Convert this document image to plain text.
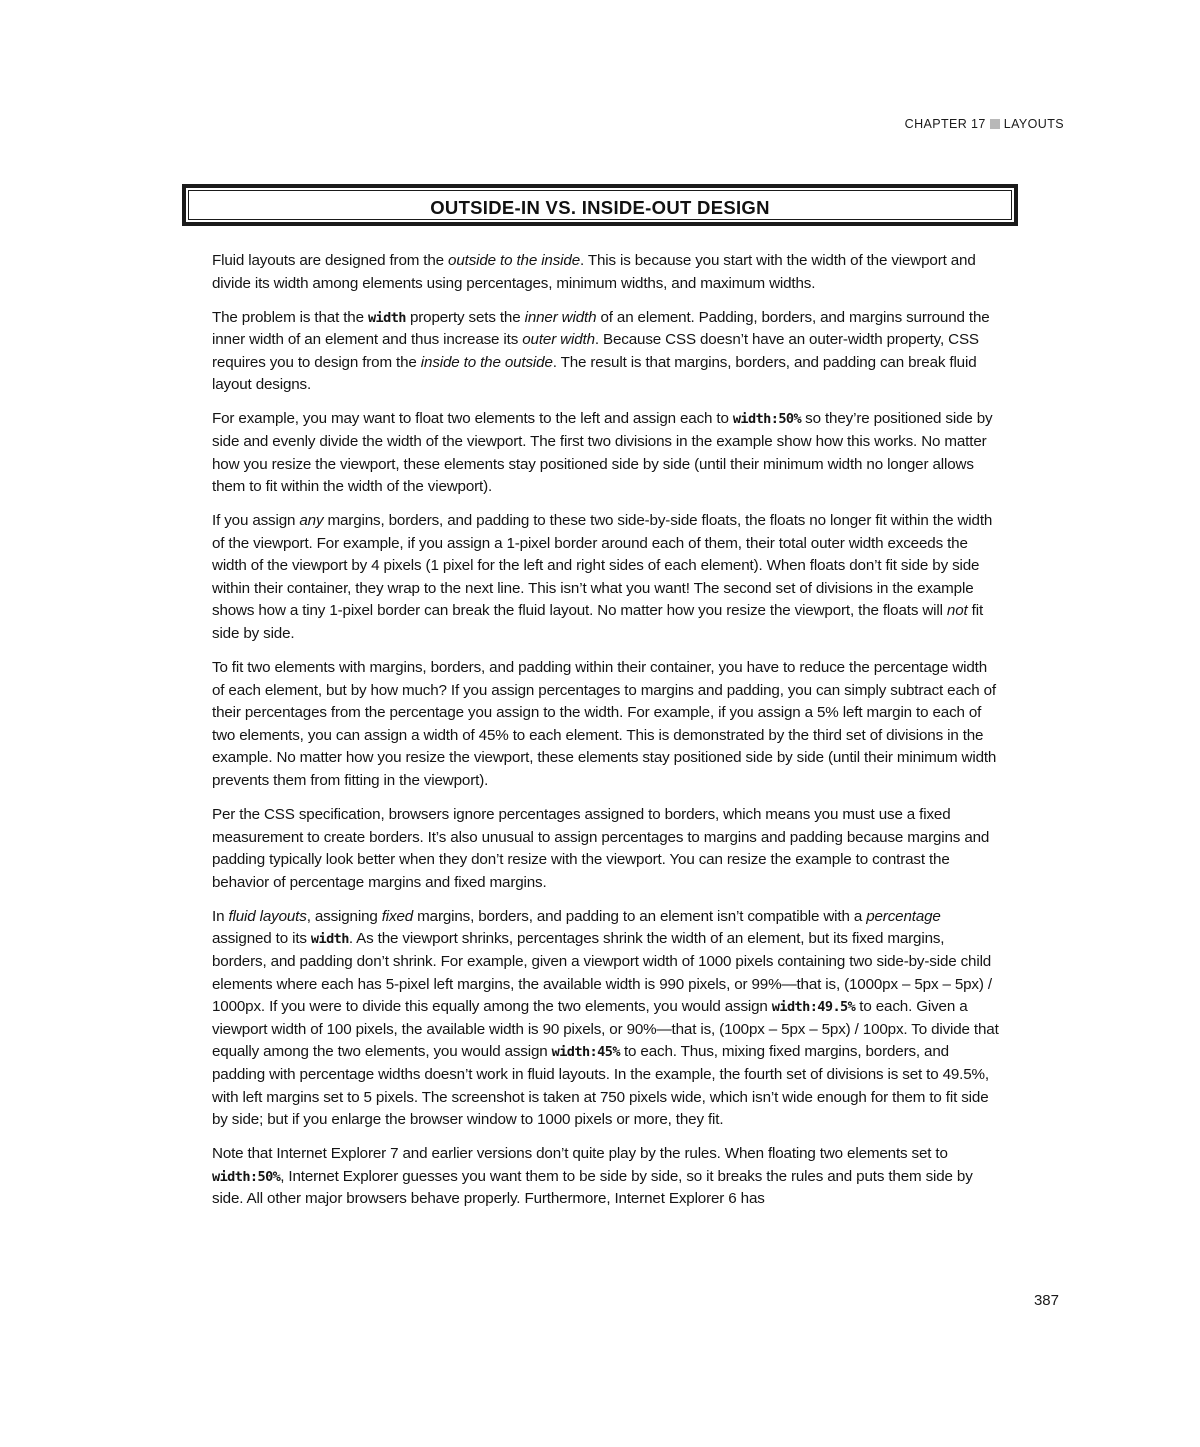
CHAPTER 17 LAYOUTS
OUTSIDE-IN VS. INSIDE-OUT DESIGN

Fluid layouts are designed from the outside to the inside. This is because you start with the width of the viewport and divide its width among elements using percentages, minimum widths, and maximum widths.

The problem is that the width property sets the inner width of an element. Padding, borders, and margins surround the inner width of an element and thus increase its outer width. Because CSS doesn’t have an outer-width property, CSS requires you to design from the inside to the outside. The result is that margins, borders, and padding can break fluid layout designs.

For example, you may want to float two elements to the left and assign each to width:50% so they’re positioned side by side and evenly divide the width of the viewport. The first two divisions in the example show how this works. No matter how you resize the viewport, these elements stay positioned side by side (until their minimum width no longer allows them to fit within the width of the viewport).

If you assign any margins, borders, and padding to these two side-by-side floats, the floats no longer fit within the width of the viewport. For example, if you assign a 1-pixel border around each of them, their total outer width exceeds the width of the viewport by 4 pixels (1 pixel for the left and right sides of each element). When floats don’t fit side by side within their container, they wrap to the next line. This isn’t what you want! The second set of divisions in the example shows how a tiny 1-pixel border can break the fluid layout. No matter how you resize the viewport, the floats will not fit side by side.

To fit two elements with margins, borders, and padding within their container, you have to reduce the percentage width of each element, but by how much? If you assign percentages to margins and padding, you can simply subtract each of their percentages from the percentage you assign to the width. For example, if you assign a 5% left margin to each of two elements, you can assign a width of 45% to each element. This is demonstrated by the third set of divisions in the example. No matter how you resize the viewport, these elements stay positioned side by side (until their minimum width prevents them from fitting in the viewport).

Per the CSS specification, browsers ignore percentages assigned to borders, which means you must use a fixed measurement to create borders. It’s also unusual to assign percentages to margins and padding because margins and padding typically look better when they don’t resize with the viewport. You can resize the example to contrast the behavior of percentage margins and fixed margins.

In fluid layouts, assigning fixed margins, borders, and padding to an element isn’t compatible with a percentage assigned to its width. As the viewport shrinks, percentages shrink the width of an element, but its fixed margins, borders, and padding don’t shrink. For example, given a viewport width of 1000 pixels containing two side-by-side child elements where each has 5-pixel left margins, the available width is 990 pixels, or 99%—that is, (1000px – 5px – 5px) / 1000px. If you were to divide this equally among the two elements, you would assign width:49.5% to each. Given a viewport width of 100 pixels, the available width is 90 pixels, or 90%—that is, (100px – 5px – 5px) / 100px. To divide that equally among the two elements, you would assign width:45% to each. Thus, mixing fixed margins, borders, and padding with percentage widths doesn’t work in fluid layouts. In the example, the fourth set of divisions is set to 49.5%, with left margins set to 5 pixels. The screenshot is taken at 750 pixels wide, which isn’t wide enough for them to fit side by side; but if you enlarge the browser window to 1000 pixels or more, they fit.

Note that Internet Explorer 7 and earlier versions don’t quite play by the rules. When floating two elements set to width:50%, Internet Explorer guesses you want them to be side by side, so it breaks the rules and puts them side by side. All other major browsers behave properly. Furthermore, Internet Explorer 6 has

387
